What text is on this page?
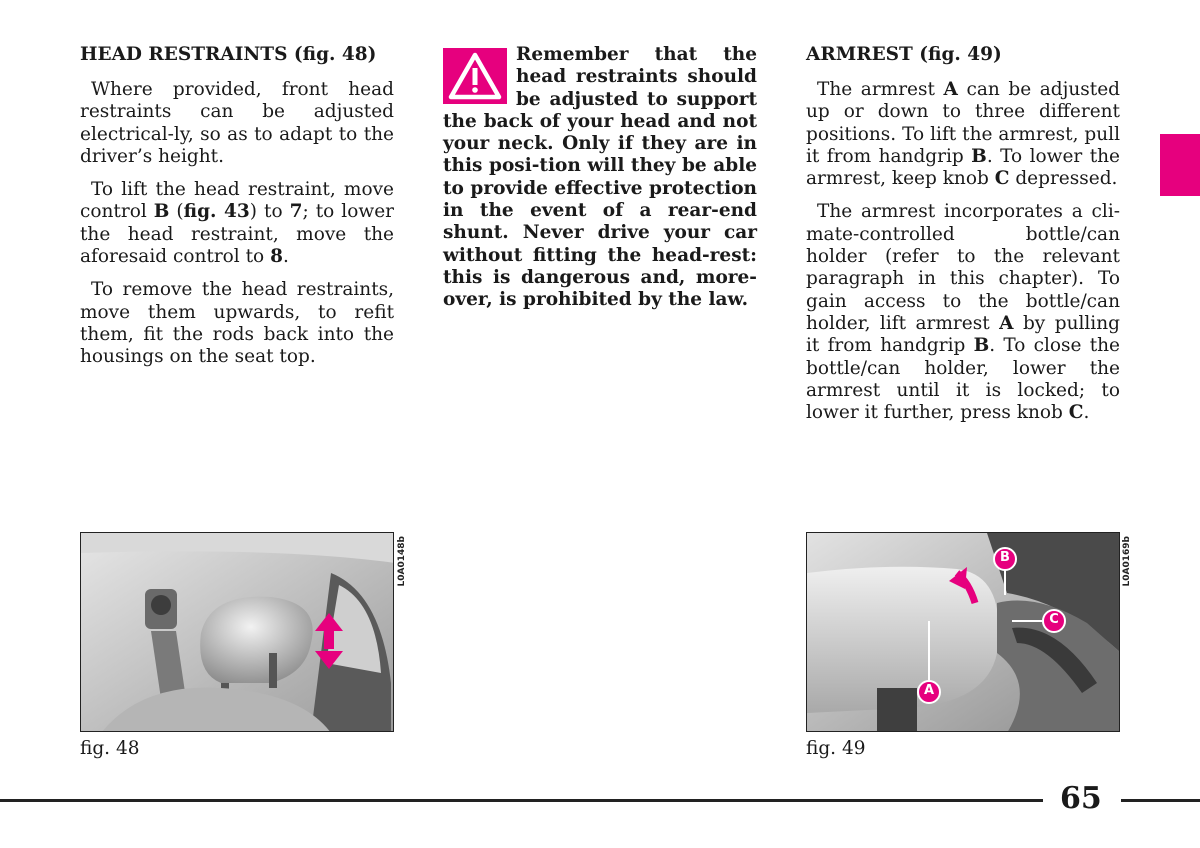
HEAD RESTRAINTS (fig. 48)

Where provided, front head restraints can be adjusted electrical-ly, so as to adapt to the driver’s height.

To lift the head restraint, move control B (fig. 43) to 7; to lower the head restraint, move the aforesaid control to 8.

To remove the head restraints, move them upwards, to refit them, fit the rods back into the housings on the seat top.

Remember that the head restraints should be adjusted to support the back of your head and not your neck. Only if they are in this posi-tion will they be able to provide effective protection in the event of a rear-end shunt. Never drive your car without fitting the head-rest: this is dangerous and, more-over, is prohibited by the law.
ARMREST (fig. 49)

The armrest A can be adjusted up or down to three different positions. To lift the armrest, pull it from handgrip B. To lower the armrest, keep knob C depressed.

The armrest incorporates a cli-mate-controlled bottle/can holder (refer to the relevant paragraph in this chapter). To gain access to the bottle/can holder, lift armrest A by pulling it from handgrip B. To close the bottle/can holder, lower the armrest until it is locked; to lower it further, press knob C.

L0A0148b
fig. 48
B
A
C
L0A0169b
fig. 49
65
